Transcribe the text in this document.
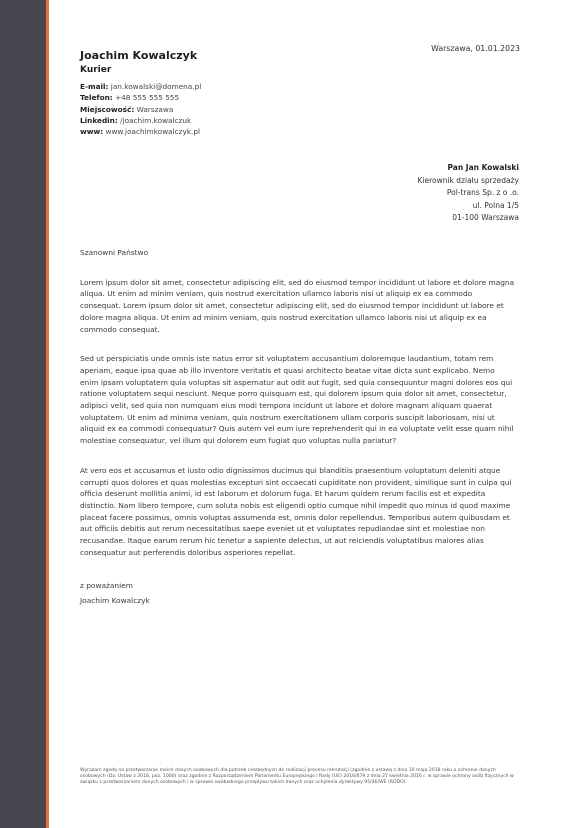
Warszawa, 01.01.2023
Joachim Kowalczyk
Kurier
E-mail: jan.kowalski@domena.pl
Telefon: +48 555 555 555
Miejscowość: Warszawa
Linkedin: /joachim.kowalczuk
www: www.joachimkowalczyk.pl
Pan Jan Kowalski
Kierownik działu sprzedaży
Pol-trans Sp. z o .o.
ul. Polna 1/5
01-100 Warszawa

Szanowni Państwo

Lorem ipsum dolor sit amet, consectetur adipiscing elit, sed do eiusmod tempor incididunt ut labore et dolore magna aliqua. Ut enim ad minim veniam, quis nostrud exercitation ullamco laboris nisi ut aliquip ex ea commodo consequat. Lorem ipsum dolor sit amet, consectetur adipiscing elit, sed do eiusmod tempor incididunt ut labore et dolore magna aliqua. Ut enim ad minim veniam, quis nostrud exercitation ullamco laboris nisi ut aliquip ex ea commodo consequat.

Sed ut perspiciatis unde omnis iste natus error sit voluptatem accusantium doloremque laudantium, totam rem aperiam, eaque ipsa quae ab illo inventore veritatis et quasi architecto beatae vitae dicta sunt explicabo. Nemo enim ipsam voluptatem quia voluptas sit aspernatur aut odit aut fugit, sed quia consequuntur magni dolores eos qui ratione voluptatem sequi nesciunt. Neque porro quisquam est, qui dolorem ipsum quia dolor sit amet, consectetur, adipisci velit, sed quia non numquam eius modi tempora incidunt ut labore et dolore magnam aliquam quaerat voluptatem. Ut enim ad minima veniam, quis nostrum exercitationem ullam corporis suscipit laboriosam, nisi ut aliquid ex ea commodi consequatur? Quis autem vel eum iure reprehenderit qui in ea voluptate velit esse quam nihil molestiae consequatur, vel illum qui dolorem eum fugiat quo voluptas nulla pariatur?

At vero eos et accusamus et iusto odio dignissimos ducimus qui blanditiis praesentium voluptatum deleniti atque corrupti quos dolores et quas molestias excepturi sint occaecati cupiditate non provident, similique sunt in culpa qui officia deserunt mollitia animi, id est laborum et dolorum fuga. Et harum quidem rerum facilis est et expedita distinctio. Nam libero tempore, cum soluta nobis est eligendi optio cumque nihil impedit quo minus id quod maxime placeat facere possimus, omnis voluptas assumenda est, omnis dolor repellendus. Temporibus autem quibusdam et aut officiis debitis aut rerum necessitatibus saepe eveniet ut et voluptates repudiandae sint et molestiae non recusandae. Itaque earum rerum hic tenetur a sapiente delectus, ut aut reiciendis voluptatibus maiores alias consequatur aut perferendis doloribus asperiores repellat.

z poważaniem

Joachim Kowalczyk

Wyrażam zgodę na przetwarzanie moich danych osobowych dla potrzeb niezbędnych do realizacji procesu rekrutacji (zgodnie z ustawą z dnia 10 maja 2018 roku o ochronie danych osobowych (Dz. Ustaw z 2018, poz. 1000) oraz zgodnie z Rozporządzeniem Parlamentu Europejskiego i Rady (UE) 2016/679 z dnia 27 kwietnia 2016 r. w sprawie ochrony osób fizycznych w związku z przetwarzaniem danych osobowych i w sprawie swobodnego przepływu takich danych oraz uchylenia dyrektywy 95/46/WE (RODO).
